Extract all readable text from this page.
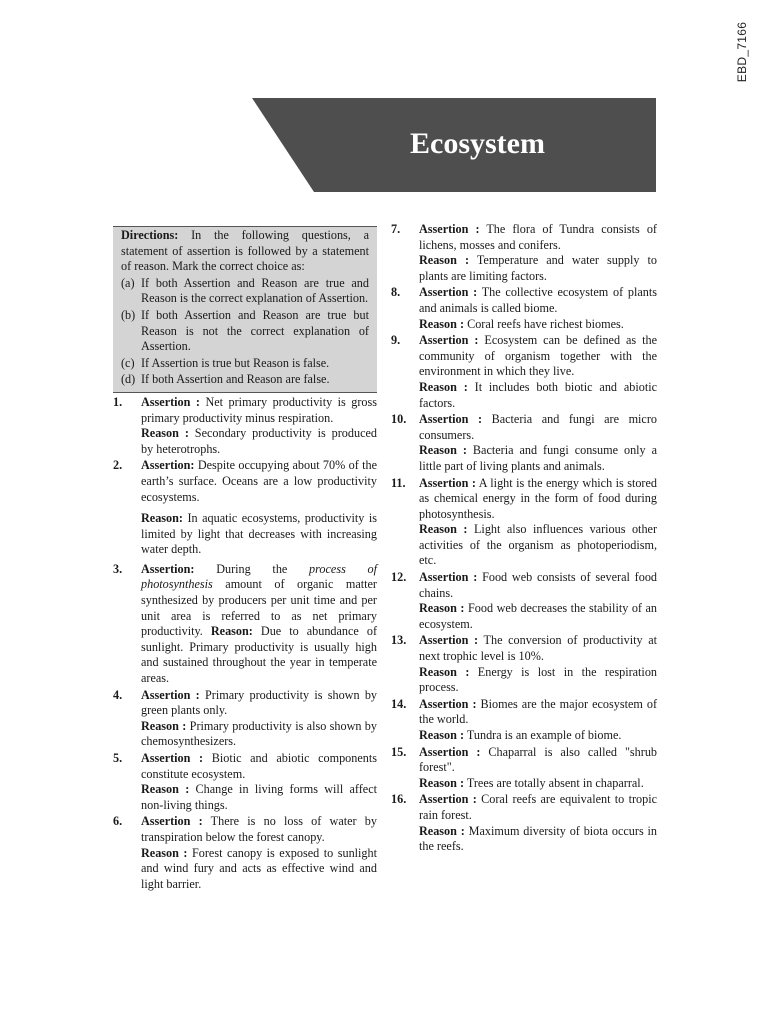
EBD_7166
Ecosystem
Directions: In the following questions, a statement of assertion is followed by a statement of reason. Mark the correct choice as:
(a) If both Assertion and Reason are true and Reason is the correct explanation of Assertion.
(b) If both Assertion and Reason are true but Reason is not the correct explanation of Assertion.
(c) If Assertion is true but Reason is false.
(d) If both Assertion and Reason are false.
1.	Assertion : Net primary productivity is gross primary productivity minus respiration.

Reason : Secondary productivity is produced by heterotrophs.

2.	Assertion: Despite occupying about 70% of the earth’s surface. Oceans are a low productivity ecosystems.

Reason: In aquatic ecosystems, productivity is limited by light that decreases with increasing water depth.

3.	Assertion: During the process of photosynthesis amount of organic matter synthesized by producers per unit time and per unit area is referred to as net primary productivity. Reason: Due to abundance of sunlight. Primary productivity is usually high and sustained throughout the year in temperate areas.

4.	Assertion : Primary productivity is shown by green plants only.

Reason : Primary productivity is also shown by chemosynthesizers.

5.	Assertion : Biotic and abiotic components constitute ecosystem.

Reason : Change in living forms will affect non-living things.

6.	Assertion : There is no loss of water by transpiration below the forest canopy.

Reason : Forest canopy is exposed to sunlight and wind fury and acts as effective wind and light barrier.

7.	Assertion : The flora of Tundra consists of lichens, mosses and conifers.

Reason : Temperature and water supply to plants are limiting factors.

8.	Assertion : The collective ecosystem of plants and animals is called biome.

Reason : Coral reefs have richest biomes.

9.	Assertion : Ecosystem can be defined as the community of organism together with the environment in which they live.

Reason : It includes both biotic and abiotic factors.

10.	Assertion : Bacteria and fungi are micro consumers.

Reason : Bacteria and fungi consume only a little part of living plants and animals.

11.	Assertion : A light is the energy which is stored as chemical energy in the form of food during photosynthesis.

Reason : Light also influences various other activities of the organism as photoperiodism, etc.

12.	Assertion : Food web consists of several food chains.

Reason : Food web decreases the stability of an ecosystem.

13.	Assertion : The conversion of productivity at next trophic level is 10%.

Reason : Energy is lost in the respiration process.

14.	Assertion : Biomes are the major ecosystem of the world.

Reason : Tundra is an example of biome.

15.	Assertion : Chaparral is also called "shrub forest".

Reason : Trees are totally absent in chaparral.

16.	Assertion : Coral reefs are equivalent to tropic rain forest.

Reason : Maximum diversity of biota occurs in the reefs.
